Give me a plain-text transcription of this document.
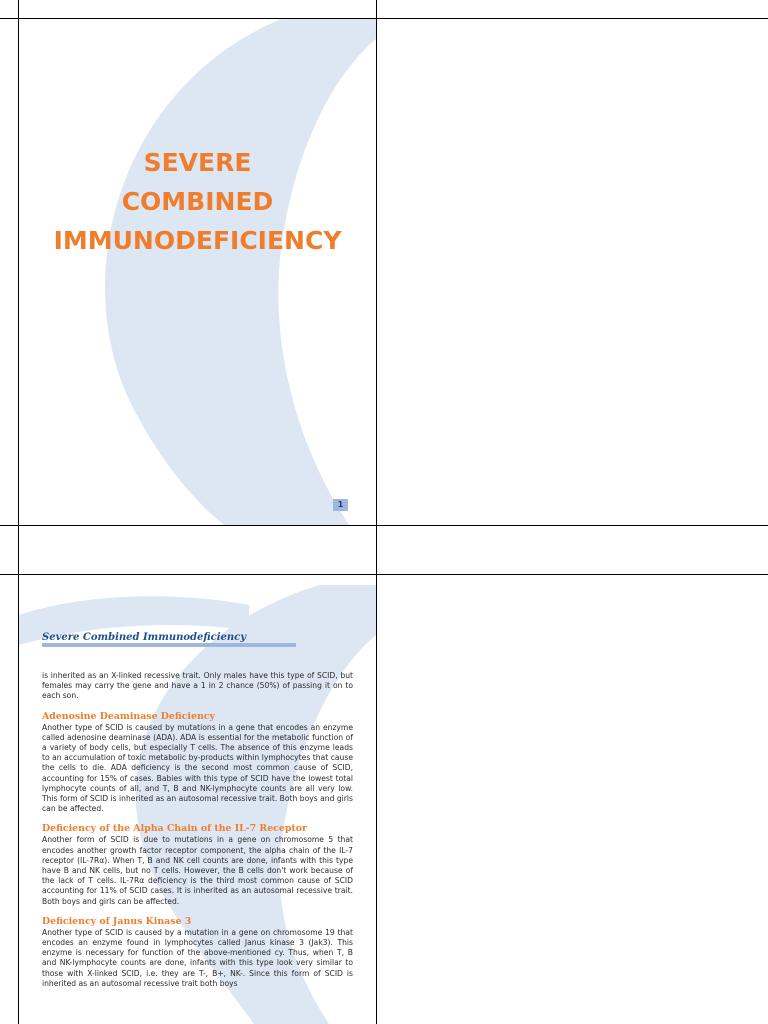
SEVERE
COMBINED
IMMUNODEFICIENCY
1
Severe Combined Immunodeficiency

is inherited as an X-linked recessive trait. Only males have this type of SCID, but females may carry the gene and have a 1 in 2 chance (50%) of passing it on to each son.

Adenosine Deaminase Deficiency

Another type of SCID is caused by mutations in a gene that encodes an enzyme called adenosine deaminase (ADA). ADA is essential for the metabolic function of a variety of body cells, but especially T cells. The absence of this enzyme leads to an accumulation of toxic metabolic by-products within lymphocytes that cause the cells to die. ADA deficiency is the second most common cause of SCID, accounting for 15% of cases. Babies with this type of SCID have the lowest total lymphocyte counts of all, and T, B and NK-lymphocyte counts are all very low. This form of SCID is inherited as an autosomal recessive trait. Both boys and girls can be affected.

Deficiency of the Alpha Chain of the IL-7 Receptor

Another form of SCID is due to mutations in a gene on chromosome 5 that encodes another growth factor receptor component, the alpha chain of the IL-7 receptor (IL-7Rα). When T, B and NK cell counts are done, infants with this type have B and NK cells, but no T cells. However, the B cells don't work because of the lack of T cells. IL-7Rα deficiency is the third most common cause of SCID accounting for 11% of SCID cases. It is inherited as an autosomal recessive trait. Both boys and girls can be affected.

Deficiency of Janus Kinase 3

Another type of SCID is caused by a mutation in a gene on chromosome 19 that encodes an enzyme found in lymphocytes called Janus kinase 3 (Jak3). This enzyme is necessary for function of the above-mentioned cy. Thus, when T, B and NK-lymphocyte counts are done, infants with this type look very similar to those with X-linked SCID, i.e. they are T-, B+, NK-. Since this form of SCID is inherited as an autosomal recessive trait both boys
